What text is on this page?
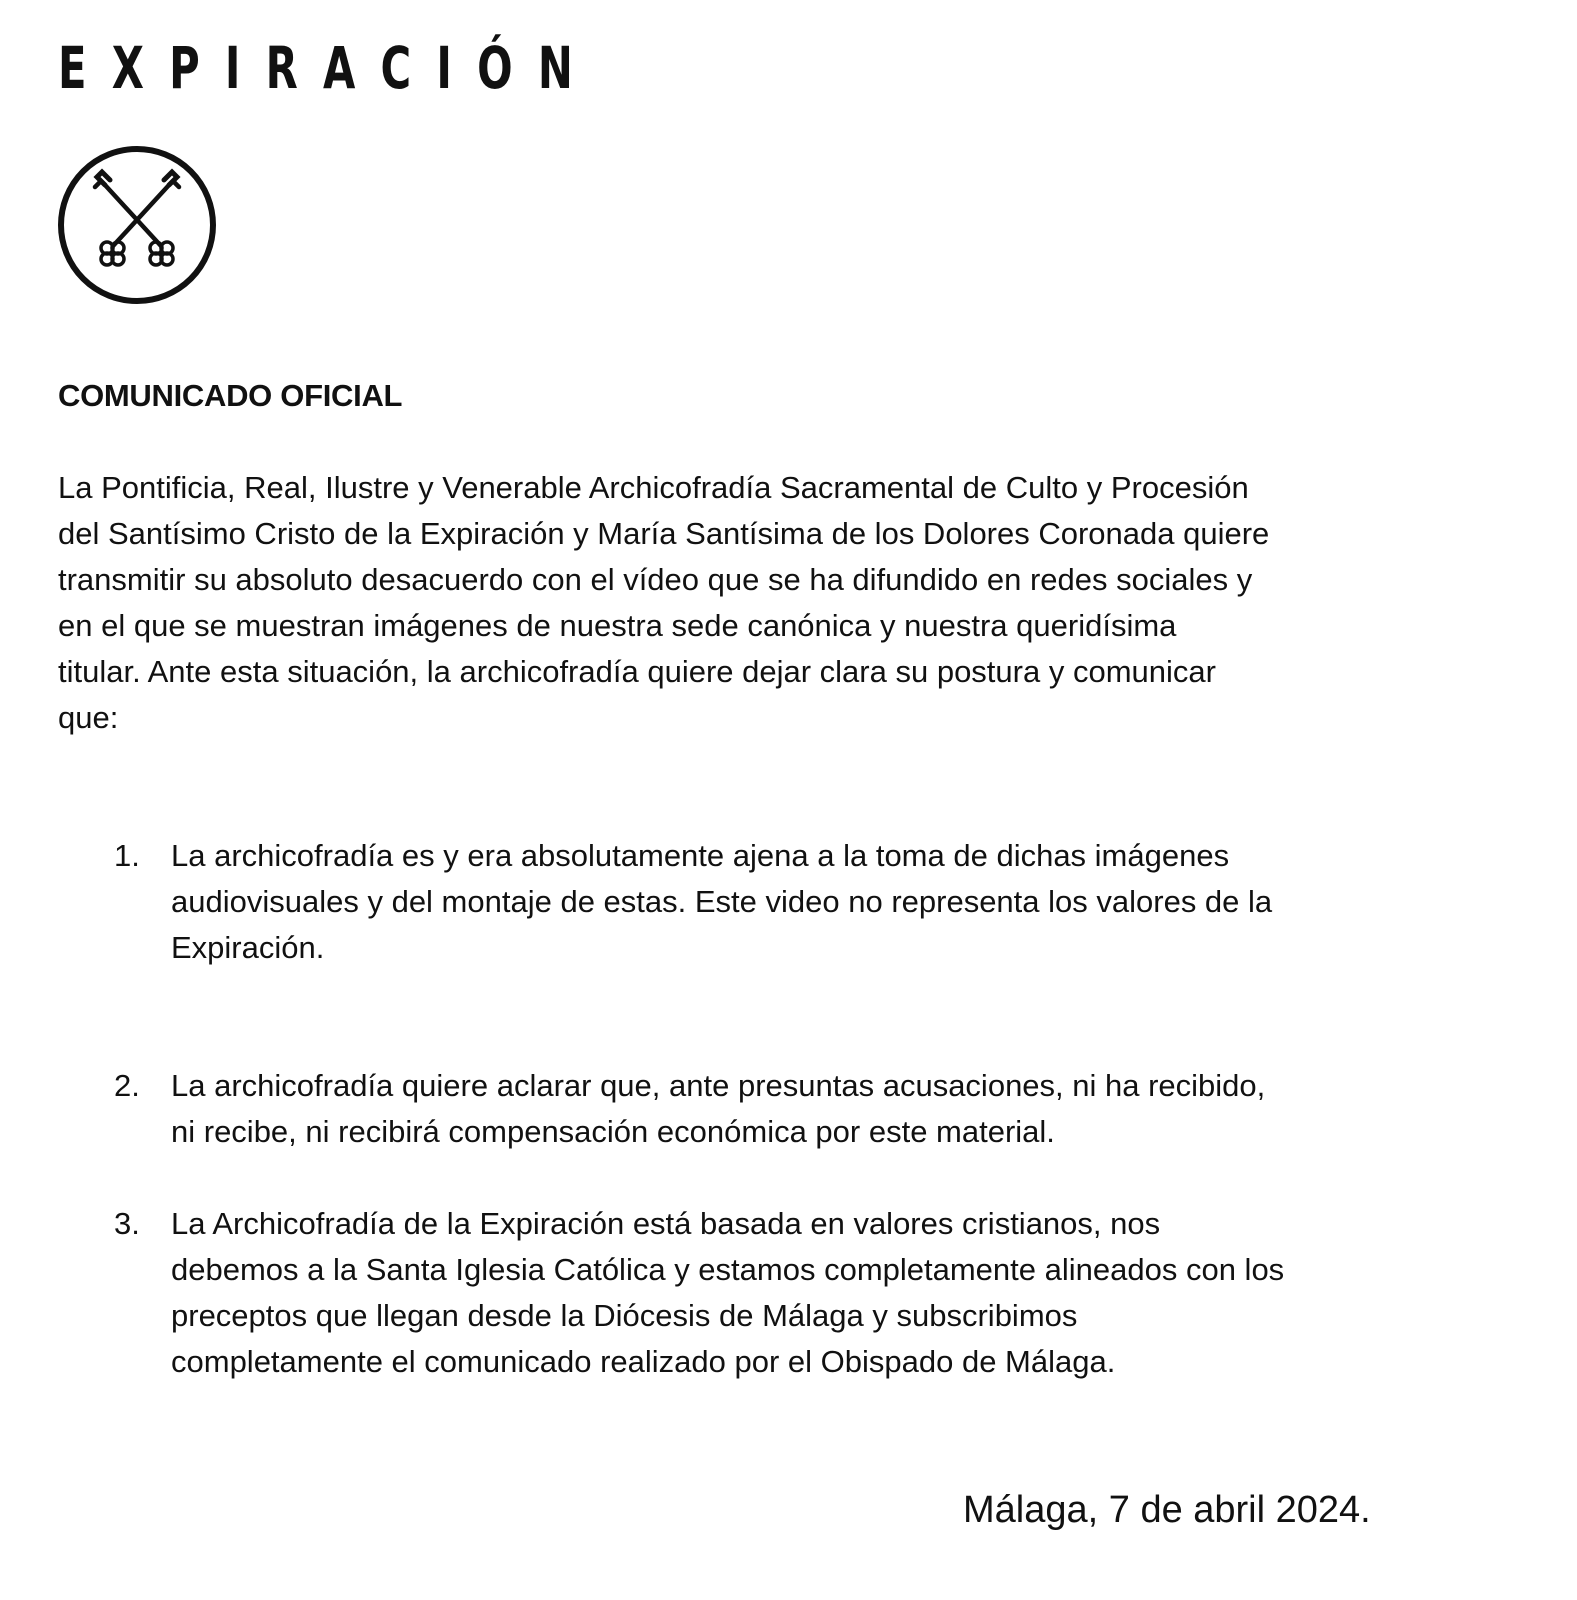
EXPIRACIÓN
COMUNICADO OFICIAL
La Pontificia, Real, Ilustre y Venerable Archicofradía Sacramental de Culto y Procesión
del Santísimo Cristo de la Expiración y María Santísima de los Dolores Coronada quiere
transmitir su absoluto desacuerdo con el vídeo que se ha difundido en redes sociales y
en el que se muestran imágenes de nuestra sede canónica y nuestra queridísima
titular. Ante esta situación, la archicofradía quiere dejar clara su postura y comunicar
que:
1. La archicofradía es y era absolutamente ajena a la toma de dichas imágenes
audiovisuales y del montaje de estas. Este video no representa los valores de la
Expiración.
2. La archicofradía quiere aclarar que, ante presuntas acusaciones, ni ha recibido,
ni recibe, ni recibirá compensación económica por este material.
3. La Archicofradía de la Expiración está basada en valores cristianos, nos
debemos a la Santa Iglesia Católica y estamos completamente alineados con los
preceptos que llegan desde la Diócesis de Málaga y subscribimos
completamente el comunicado realizado por el Obispado de Málaga.
Málaga, 7 de abril 2024.
